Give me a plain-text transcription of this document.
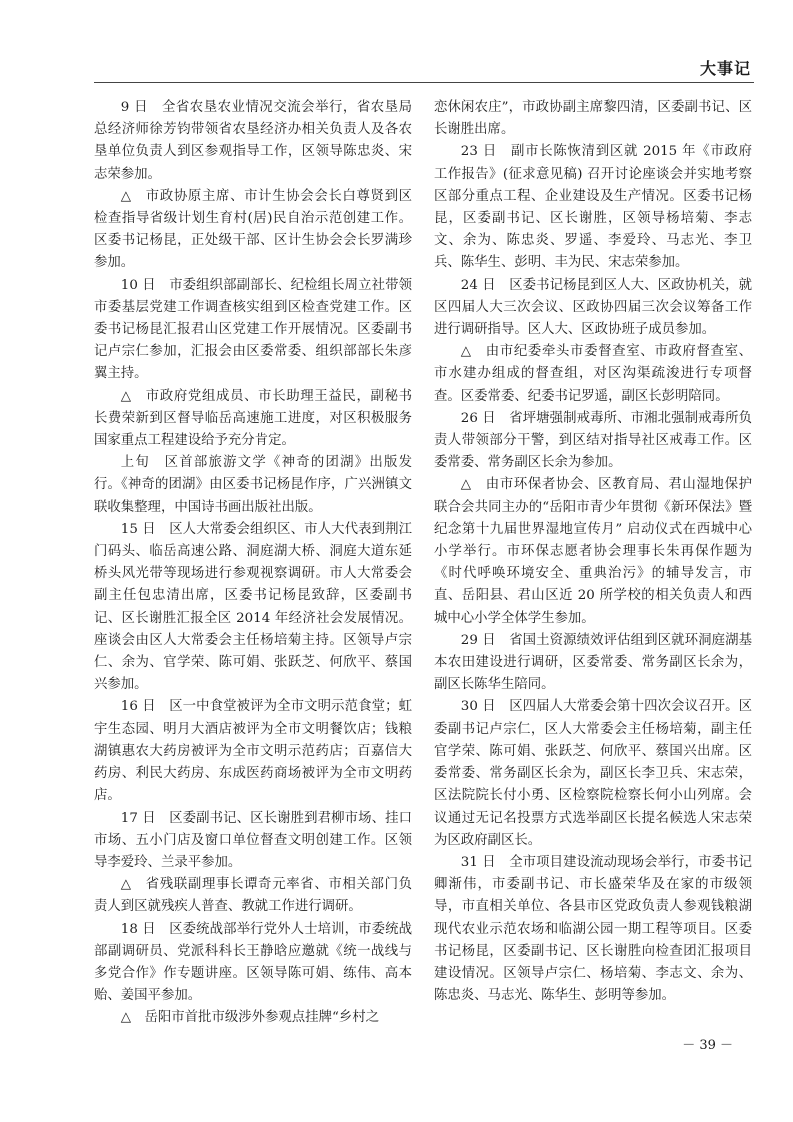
大事记

9 日　全省农垦农业情况交流会举行，省农垦局总经济师徐芳钧带领省农垦经济办相关负责人及各农垦单位负责人到区参观指导工作，区领导陈忠炎、宋志荣参加。

△　市政协原主席、市计生协会会长白尊贤到区检查指导省级计划生育村(居)民自治示范创建工作。区委书记杨昆，正处级干部、区计生协会会长罗满珍参加。

10 日　市委组织部副部长、纪检组长周立社带领市委基层党建工作调查核实组到区检查党建工作。区委书记杨昆汇报君山区党建工作开展情况。区委副书记卢宗仁参加，汇报会由区委常委、组织部部长朱彦翼主持。

△　市政府党组成员、市长助理王益民，副秘书长费荣新到区督导临岳高速施工进度，对区积极服务国家重点工程建设给予充分肯定。

上旬　区首部旅游文学《神奇的团湖》出版发行。《神奇的团湖》由区委书记杨昆作序，广兴洲镇文联收集整理，中国诗书画出版社出版。

15 日　区人大常委会组织区、市人大代表到荆江门码头、临岳高速公路、洞庭湖大桥、洞庭大道东延桥头风光带等现场进行参观视察调研。市人大常委会副主任包忠清出席，区委书记杨昆致辞，区委副书记、区长谢胜汇报全区 2014 年经济社会发展情况。座谈会由区人大常委会主任杨培菊主持。区领导卢宗仁、余为、官学荣、陈可娟、张跃芝、何欣平、蔡国兴参加。

16 日　区一中食堂被评为全市文明示范食堂；虹宇生态园、明月大酒店被评为全市文明餐饮店；钱粮湖镇惠农大药房被评为全市文明示范药店；百嘉信大药房、利民大药房、东成医药商场被评为全市文明药店。

17 日　区委副书记、区长谢胜到君柳市场、挂口市场、五小门店及窗口单位督查文明创建工作。区领导李爱玲、兰录平参加。

△　省残联副理事长谭奇元率省、市相关部门负责人到区就残疾人普查、教就工作进行调研。

18 日　区委统战部举行党外人士培训，市委统战部副调研员、党派科科长王静晗应邀就《统一战线与多党合作》作专题讲座。区领导陈可娟、练伟、高本贻、姜国平参加。

△　岳阳市首批市级涉外参观点挂牌“乡村之

恋休闲农庄”，市政协副主席黎四清，区委副书记、区长谢胜出席。

23 日　副市长陈恢清到区就 2015 年《市政府工作报告》(征求意见稿) 召开讨论座谈会并实地考察区部分重点工程、企业建设及生产情况。区委书记杨昆，区委副书记、区长谢胜，区领导杨培菊、李志文、余为、陈忠炎、罗遥、李爱玲、马志光、李卫兵、陈华生、彭明、丰为民、宋志荣参加。

24 日　区委书记杨昆到区人大、区政协机关，就区四届人大三次会议、区政协四届三次会议筹备工作进行调研指导。区人大、区政协班子成员参加。

△　由市纪委牵头市委督查室、市政府督查室、市水建办组成的督查组，对区沟渠疏浚进行专项督查。区委常委、纪委书记罗遥，副区长彭明陪同。

26 日　省坪塘强制戒毒所、市湘北强制戒毒所负责人带领部分干警，到区结对指导社区戒毒工作。区委常委、常务副区长余为参加。

△　由市环保者协会、区教育局、君山湿地保护联合会共同主办的“岳阳市青少年贯彻《新环保法》暨纪念第十九届世界湿地宣传月” 启动仪式在西城中心小学举行。市环保志愿者协会理事长朱再保作题为《时代呼唤环境安全、重典治污》的辅导发言，市直、岳阳县、君山区近 20 所学校的相关负责人和西城中心小学全体学生参加。

29 日　省国土资源绩效评估组到区就环洞庭湖基本农田建设进行调研，区委常委、常务副区长余为，副区长陈华生陪同。

30 日　区四届人大常委会第十四次会议召开。区委副书记卢宗仁，区人大常委会主任杨培菊，副主任官学荣、陈可娟、张跃芝、何欣平、蔡国兴出席。区委常委、常务副区长余为，副区长李卫兵、宋志荣，区法院院长付小勇、区检察院检察长何小山列席。会议通过无记名投票方式选举副区长提名候选人宋志荣为区政府副区长。

31 日　全市项目建设流动现场会举行，市委书记卿渐伟，市委副书记、市长盛荣华及在家的市级领导，市直相关单位、各县市区党政负责人参观钱粮湖现代农业示范农场和临湖公园一期工程等项目。区委书记杨昆，区委副书记、区长谢胜向检查团汇报项目建设情况。区领导卢宗仁、杨培菊、李志文、余为、陈忠炎、马志光、陈华生、彭明等参加。

－ 39 －
